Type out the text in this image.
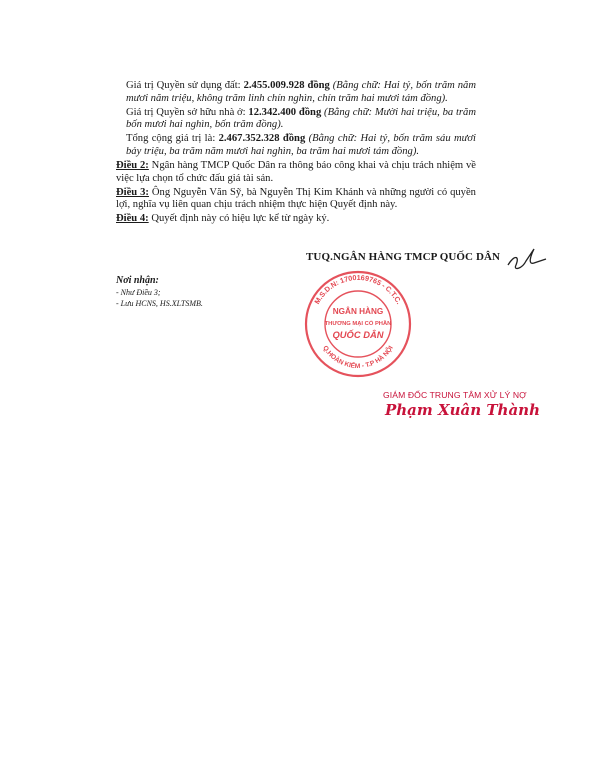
Giá trị Quyền sử dụng đất: 2.455.009.928 đồng (Bằng chữ: Hai tỷ, bốn trăm năm mươi năm triệu, không trăm linh chín nghìn, chín trăm hai mươi tám đồng).

Giá trị Quyền sở hữu nhà ở: 12.342.400 đồng (Bằng chữ: Mười hai triệu, ba trăm bốn mươi hai nghìn, bốn trăm đồng).

Tổng cộng giá trị là: 2.467.352.328 đồng (Bằng chữ: Hai tỷ, bốn trăm sáu mươi bảy triệu, ba trăm năm mươi hai nghìn, ba trăm hai mươi tám đồng).

Điều 2: Ngân hàng TMCP Quốc Dân ra thông báo công khai và chịu trách nhiệm về việc lựa chọn tổ chức đấu giá tài sản.

Điều 3: Ông Nguyễn Văn Sỹ, bà Nguyễn Thị Kim Khánh và những người có quyền lợi, nghĩa vụ liên quan chịu trách nhiệm thực hiện Quyết định này.

Điều 4: Quyết định này có hiệu lực kể từ ngày ký.

TUQ.NGÂN HÀNG TMCP QUỐC DÂN
Nơi nhận:
- Như Điều 3;
- Lưu HCNS, HS.XLTSMB.	M.S.D.N: 1700169765 - C.T.C.
Q.HOÀN KIẾM - T.P HÀ NỘI
NGÂN HÀNG
THƯƠNG MẠI CỔ PHẦN
QUỐC DÂN
GIÁM ĐỐC TRUNG TÂM XỬ LÝ NỢ
Phạm Xuân Thành
